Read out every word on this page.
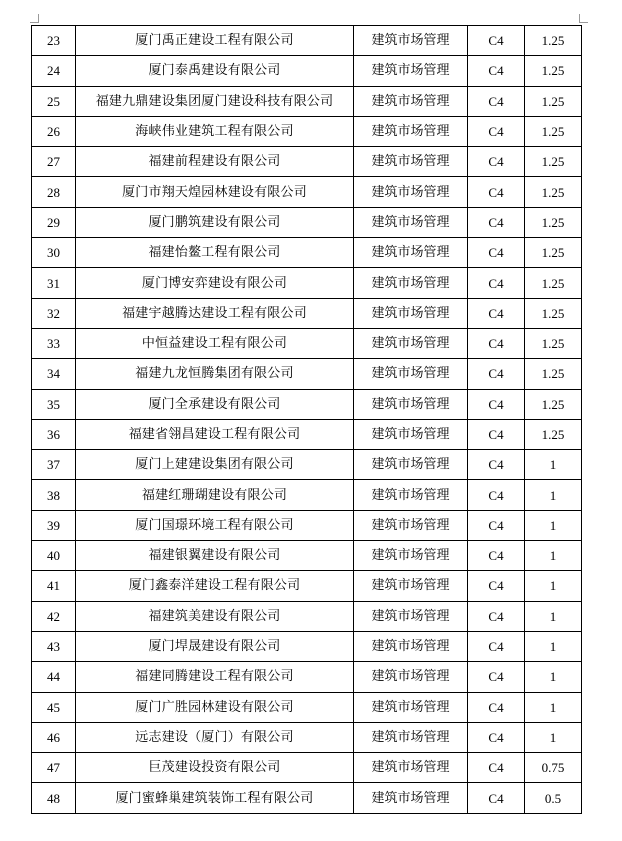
23	厦门禹正建设工程有限公司	建筑市场管理	C4	1.25
24	厦门泰禹建设有限公司	建筑市场管理	C4	1.25
25	福建九鼎建设集团厦门建设科技有限公司	建筑市场管理	C4	1.25
26	海峡伟业建筑工程有限公司	建筑市场管理	C4	1.25
27	福建前程建设有限公司	建筑市场管理	C4	1.25
28	厦门市翔天煌园林建设有限公司	建筑市场管理	C4	1.25
29	厦门鹏筑建设有限公司	建筑市场管理	C4	1.25
30	福建怡鳌工程有限公司	建筑市场管理	C4	1.25
31	厦门博安弈建设有限公司	建筑市场管理	C4	1.25
32	福建宇越腾达建设工程有限公司	建筑市场管理	C4	1.25
33	中恒益建设工程有限公司	建筑市场管理	C4	1.25
34	福建九龙恒腾集团有限公司	建筑市场管理	C4	1.25
35	厦门全承建设有限公司	建筑市场管理	C4	1.25
36	福建省翎昌建设工程有限公司	建筑市场管理	C4	1.25
37	厦门上建建设集团有限公司	建筑市场管理	C4	1
38	福建红珊瑚建设有限公司	建筑市场管理	C4	1
39	厦门国璟环境工程有限公司	建筑市场管理	C4	1
40	福建银翼建设有限公司	建筑市场管理	C4	1
41	厦门鑫泰洋建设工程有限公司	建筑市场管理	C4	1
42	福建筑美建设有限公司	建筑市场管理	C4	1
43	厦门垾晟建设有限公司	建筑市场管理	C4	1
44	福建同腾建设工程有限公司	建筑市场管理	C4	1
45	厦门广胜园林建设有限公司	建筑市场管理	C4	1
46	远志建设（厦门）有限公司	建筑市场管理	C4	1
47	巨茂建设投资有限公司	建筑市场管理	C4	0.75
48	厦门蜜蜂巢建筑装饰工程有限公司	建筑市场管理	C4	0.5
